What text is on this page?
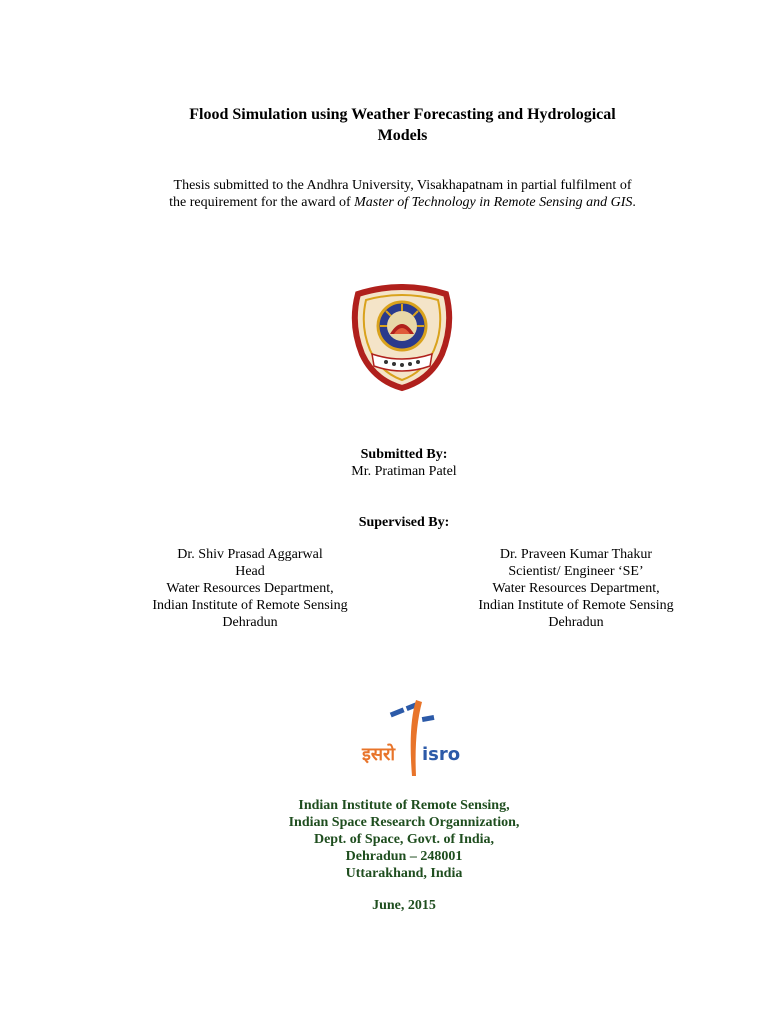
Flood Simulation using Weather Forecasting and Hydrological
Models
Thesis submitted to the Andhra University, Visakhapatnam in partial fulfilment of
the requirement for the award of Master of Technology in Remote Sensing and GIS.
Submitted By:
Mr. Pratiman Patel
Supervised By:
Dr. Shiv Prasad Aggarwal
Head
Water Resources Department,
Indian Institute of Remote Sensing
Dehradun
Dr. Praveen Kumar Thakur
Scientist/ Engineer ‘SE’
Water Resources Department,
Indian Institute of Remote Sensing
Dehradun
इसरो isro
Indian Institute of Remote Sensing,
Indian Space Research Organnization,
Dept. of Space, Govt. of India,
Dehradun – 248001
Uttarakhand, India
June, 2015
